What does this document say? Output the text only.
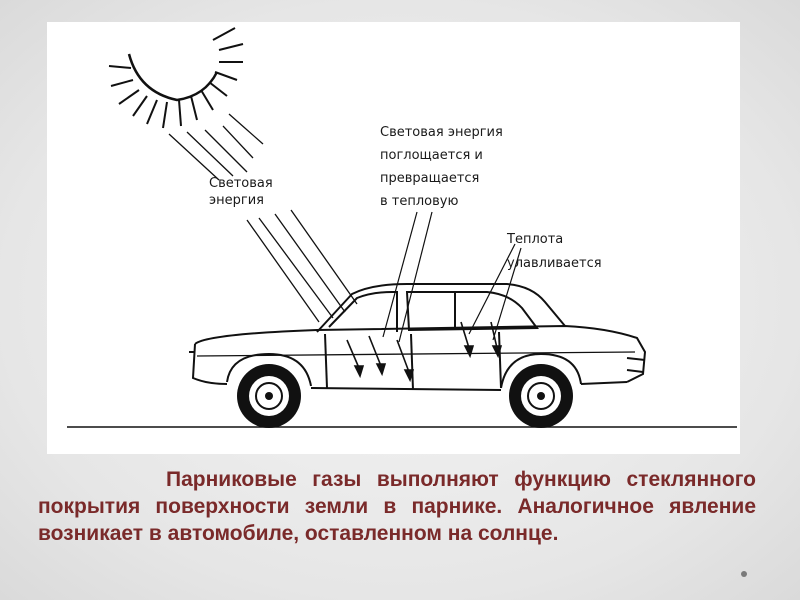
Световая
энергия
Световая энергия
поглощается и
превращается
в тепловую
Теплота
улавливается
Парниковые газы выполняют функцию стеклянного покрытия поверхности земли в парнике. Аналогичное явление возникает в автомобиле, оставленном на солнце.
